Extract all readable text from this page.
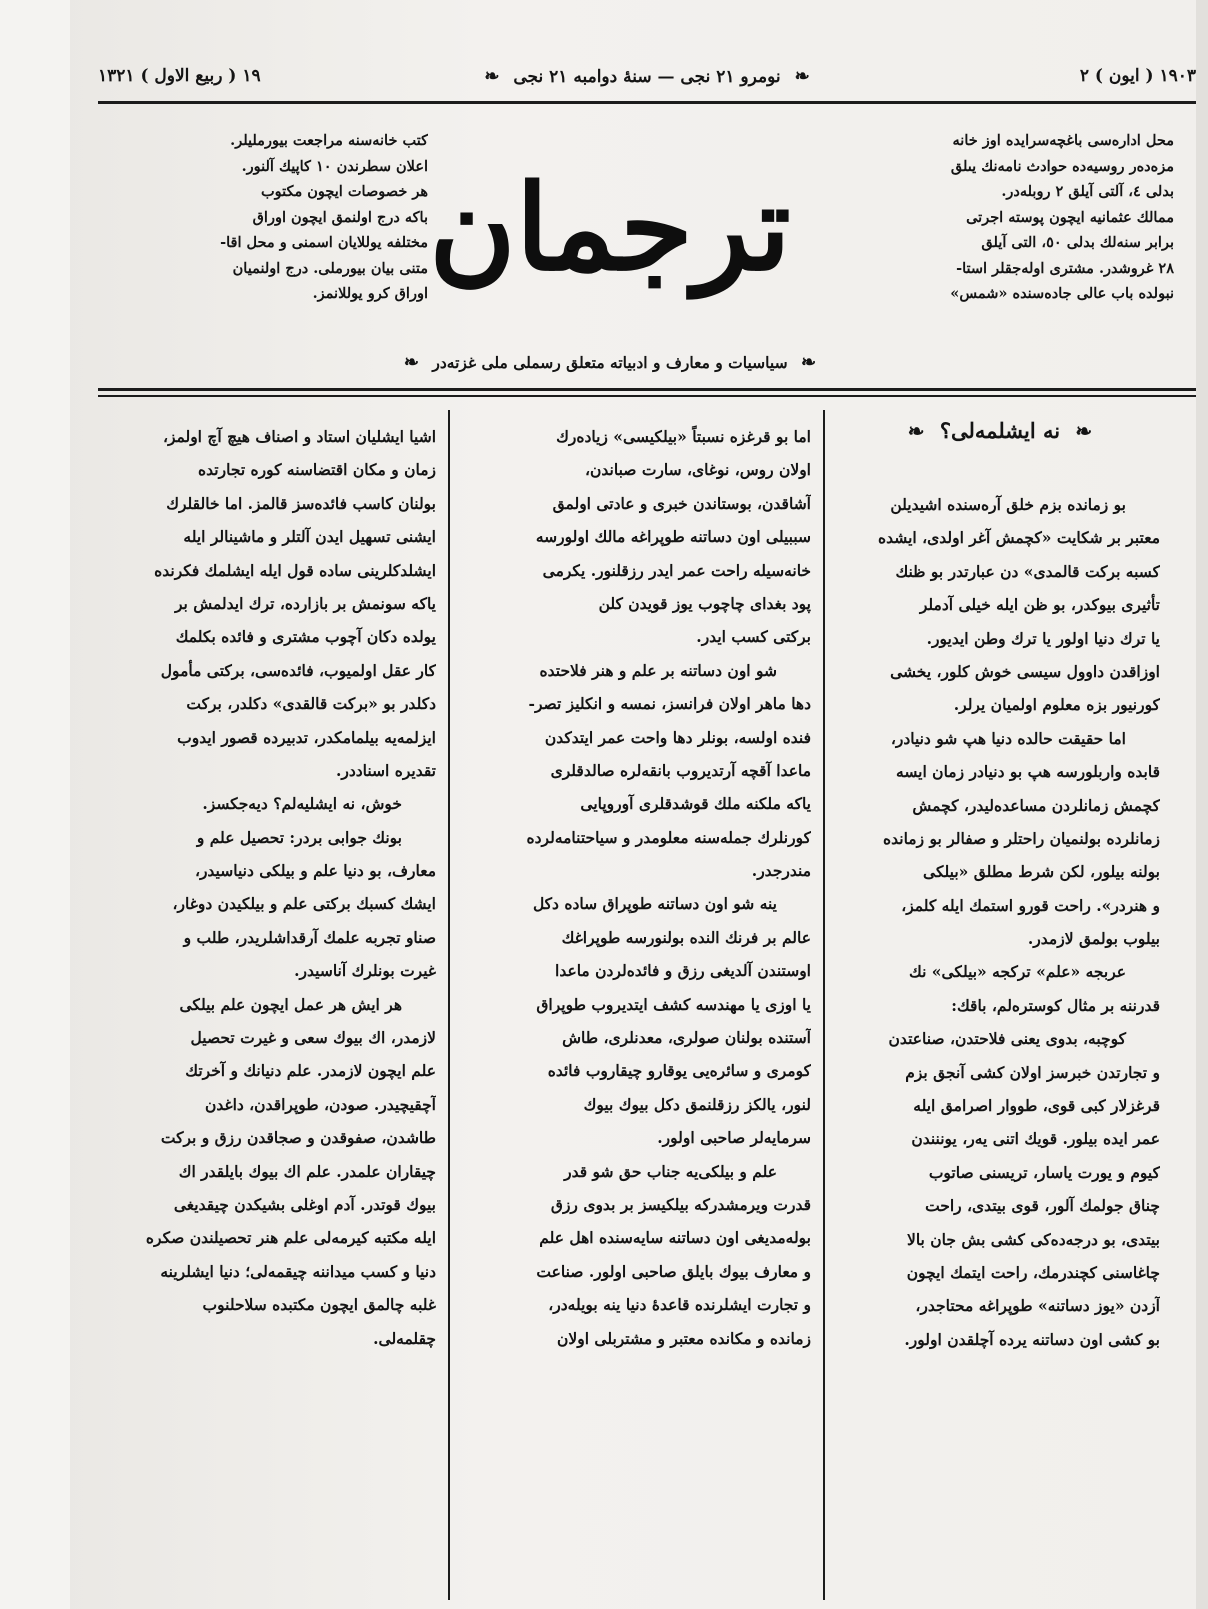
١٩٠٣ ( ايون ) ٢
❧ نومرو ٢١ نجى — سنهٔ دوامبه ٢١ نجى ❧
١٩ ( ربيع الاول ) ١٣٢١
محل ادارەسی باغچەسرايدە اوز خانه
مزه‌دەر روسيه‌دە حوادث نامه‌نك يىلق
بدلى ٤، آلتى آيلق ٢ روبلەدر.
ممالك عثمانيه ايچون پوسته اجرتى
برابر سنه‌لك بدلى ٥٠، التى آيلق
٢٨ غروشدر. مشترى اولەجقلر استا-
نبولده باب عالى جادەسندە «شمس»
كتب خانه‌سنه مراجعت بيورمليلر.
اعلان سطرندن ١٠ كاپيك آلنور.
هر خصوصات ايچون مكتوب
باكه درج اولنمق ايچون اوراق
مختلفه يوللايان اسمنى و محل اقا-
متنى بيان بيورملى. درج اولنميان
اوراق كرو يوللانمز. ترجمان
❧ سياسيات و معارف و ادبياته متعلق رسملى ملى غزته‌در ❧
❧ نه ايشلمه‌لى؟ ❧
بو زمانده بزم خلق آره‌سنده اشيديلن
معتبر بر شكايت «كچمش آغر اولدى، ايشده
كسبه بركت قالمدى» دن عبارتدر بو ظنك
تأثيرى بيوكدر، بو ظن ايله خيلى آدملر
يا ترك دنيا اولور يا ترك وطن ايديور.
اوزاقدن داوول سيسى خوش كلور، يخشى
كورنيور بزه معلوم اولميان يرلر.
اما حقيقت حالده دنيا هپ شو دنيادر،
قابده واربلورسه هپ بو دنيادر زمان ايسه
كچمش زمانلردن مساعده‌ليدر، كچمش
زمانلرده بولنميان راحتلر و صفالر بو زمانده
بولنه بيلور، لكن شرط مطلق «بيلكى
و هنردر». راحت قورو استمك ايله كلمز،
بيلوب بولمق لازمدر.
عربجه «علم» تركجه «بيلكى» نك
قدرننه بر مثال كوسترەلم، باقك:
كوچبه، بدوى يعنى فلاحتدن، صناعتدن
و تجارتدن خبرسز اولان كشى آنجق بزم
قرغزلار كبى قوى، طووار اصرامق ايله
عمر ايده بيلور. قويك اتنى يەر، يوننندن
كيوم و يورت ياسار، تريسنى صاتوب
چناق جولمك آلور، قوى بيتدى، راحت
بيتدى، بو درجه‌ده‌كى كشى بش جان بالا
چاغاسنى كچندرمك، راحت ايتمك ايچون
آزدن «يوز دساتنه» طوپراغه محتاجدر،
بو كشى اون دساتنه يرده آچلقدن اولور.
اما بو قرغزه نسبتاً «بيلكيسى» زياده‌رك
اولان روس، نوغاى، سارت صباندن،
آشاقدن، بوستاندن خبرى و عادتى اولمق
سببيلى اون دساتنه طوپراغه مالك اولورسه
خانه‌سيله راحت عمر ايدر رزقلنور. يكرمى
پود بغداى چاچوب يوز قويدن كلن
بركتى كسب ايدر.
شو اون دساتنه بر علم و هنر فلاحتده
دها ماهر اولان فرانسز، نمسه و انكليز تصر-
فنده اولسه، بونلر دها واحت عمر ايتدكدن
ماعدا آقچه آرتديروب بانقه‌لره صالدقلرى
ياكه ملكنه ملك قوشدقلرى آوروپايى
كورنلرك جمله‌سنه معلومدر و سياحتنامه‌لرده
مندرجدر.
ينه شو اون دساتنه طوپراق ساده دكل
عالم بر فرنك الندە بولنورسه طوپراغك
اوستندن آلديغى رزق و فائده‌لردن ماعدا
يا اوزى يا مهندسه كشف ايتديروب طوپراق
آستنده بولنان صولرى، معدنلرى، طاش
كومرى و سائره‌يى يوقارو چيقاروب فائده
لنور، يالكز رزقلنمق دكل بيوك بيوك
سرمايه‌لر صاحبى اولور.
علم و بيلكى‌يه جناب حق شو قدر
قدرت ويرمشدركه بيلكيسز بر بدوى رزق
بوله‌مديغى اون دساتنه سايه‌سنده اهل علم
و معارف بيوك بايلق صاحبى اولور. صناعت
و تجارت ايشلرنده قاعدهٔ دنيا ينه بويله‌در،
زمانده و مكانده معتبر و مشتربلى اولان
اشيا ايشليان استاد و اصناف هيچ آچ اولمز،
زمان و مكان اقتضاسنه كوره تجارتده
بولنان كاسب فائده‌سز قالمز. اما خالقلرك
ايشنى تسهيل ايدن آلتلر و ماشينالر ايله
ايشلدكلرينى ساده قول ايله ايشلمك فكرنده
ياكه سونمش بر بازارده، ترك ايدلمش بر
يولده دكان آچوب مشترى و فائده بكلمك
كار عقل اولميوب، فائده‌سى، بركتى مأمول
دكلدر بو «بركت قالقدى» دكلدر، بركت
ايزلمه‌يه بيلمامكدر، تدبيرده قصور ايدوب
تقديره اسناددر.
خوش، نه ايشليه‌لم؟ ديه‌جكسز.
بونك جوابى بردر: تحصيل علم و
معارف، بو دنيا علم و بيلكى دنياسيدر،
ايشك كسبك بركتى علم و بيلكيدن دوغار،
صناو تجربه علمك آرقداشلريدر، طلب و
غيرت بونلرك آناسيدر.
هر ايش هر عمل ايچون علم بيلكى
لازمدر، اك بيوك سعى و غيرت تحصيل
علم ايچون لازمدر. علم دنيانك و آخرتك
آچقيچيدر. صودن، طوپراقدن، داغدن
طاشدن، صفوقدن و صجاقدن رزق و بركت
چيقاران علمدر. علم اك بيوك بايلقدر اك
بيوك قوتدر. آدم اوغلى بشيكدن چيقديغى
ايله مكتبه كيرمه‌لى علم هنر تحصيلندن صكره
دنيا و كسب ميداننه چيقمه‌لى؛ دنيا ايشلرينه
غلبه چالمق ايچون مكتبده سلاحلنوب
چقلمه‌لى.
